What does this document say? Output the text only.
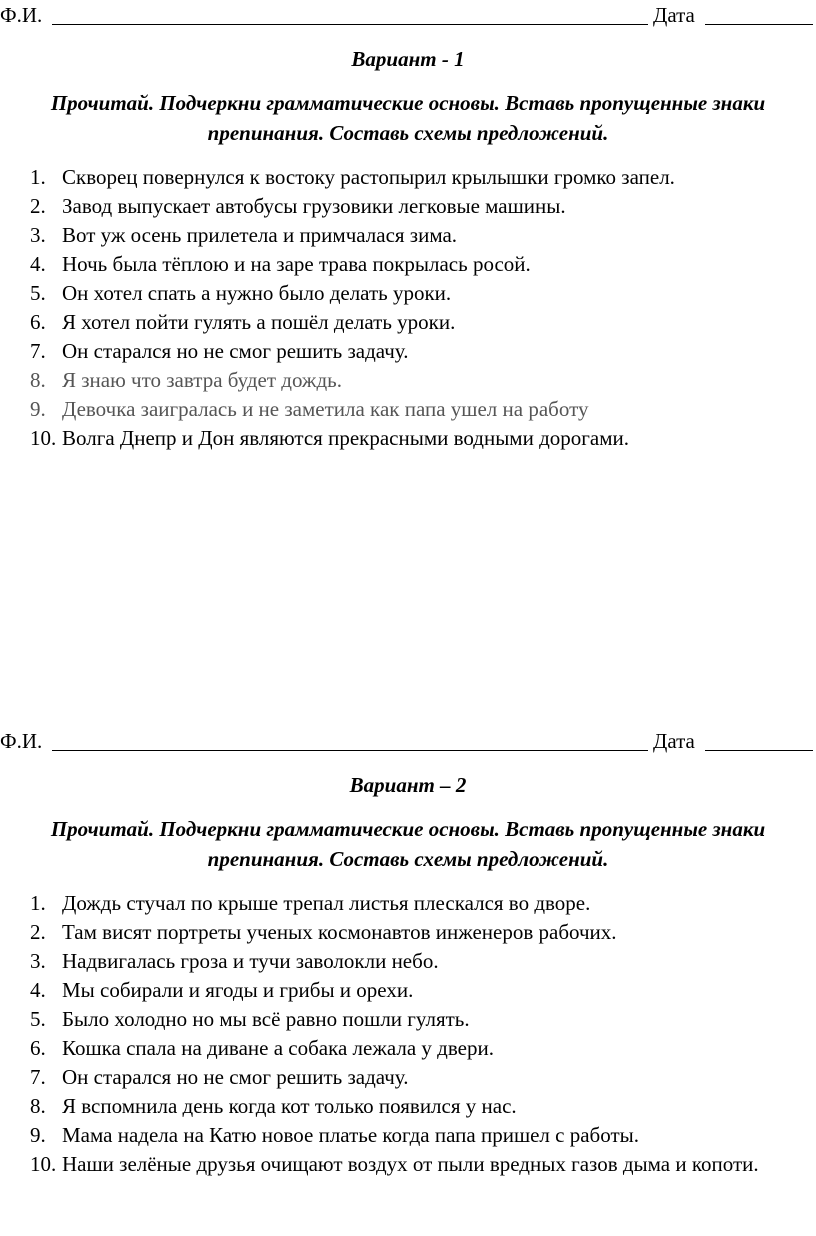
Ф.И.	Дата
Вариант - 1
Прочитай. Подчеркни грамматические основы. Вставь пропущенные знаки препинания. Составь схемы предложений.
1. Скворец повернулся к востоку растопырил крылышки громко запел.
2. Завод выпускает автобусы грузовики легковые машины.
3. Вот уж осень прилетела и примчалася зима.
4. Ночь была тёплою и на заре трава покрылась росой.
5. Он хотел спать а нужно было делать уроки.
6. Я хотел пойти гулять а пошёл делать уроки.
7. Он старался но не смог решить задачу.
8. Я знаю что завтра будет дождь.
9. Девочка заигралась и не заметила как папа ушел на работу
10. Волга Днепр и Дон являются прекрасными водными дорогами.
Ф.И.	Дата
Вариант – 2
Прочитай. Подчеркни грамматические основы. Вставь пропущенные знаки препинания. Составь схемы предложений.
1. Дождь стучал по крыше трепал листья плескался во дворе.
2. Там висят портреты ученых космонавтов инженеров рабочих.
3. Надвигалась гроза и тучи заволокли небо.
4. Мы собирали и ягоды и грибы и орехи.
5. Было холодно но мы всё равно пошли гулять.
6. Кошка спала на диване а собака лежала у двери.
7. Он старался но не смог решить задачу.
8. Я вспомнила день когда кот только появился у нас.
9. Мама надела на Катю новое платье когда папа пришел с работы.
10. Наши зелёные друзья очищают воздух от пыли вредных газов дыма и копоти.
